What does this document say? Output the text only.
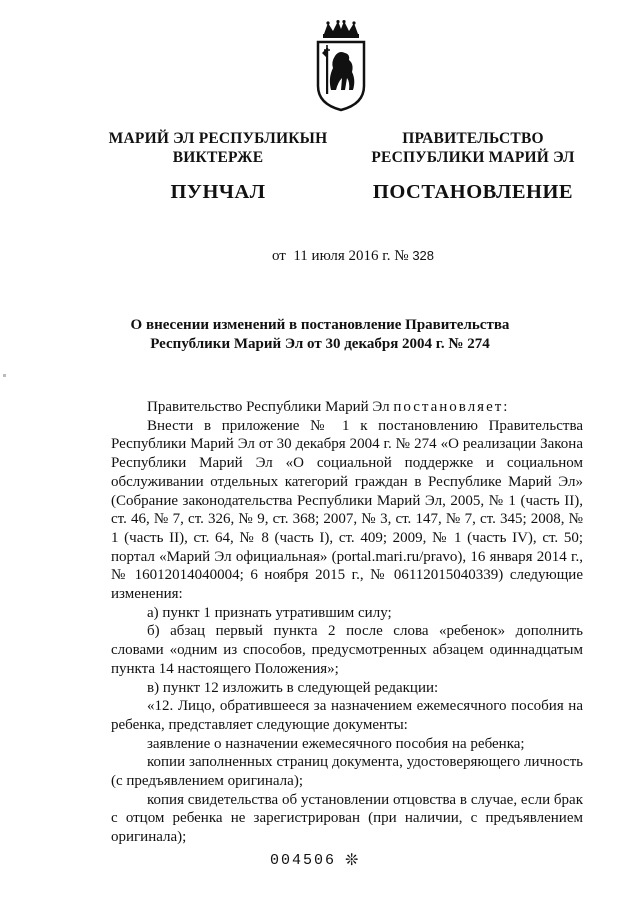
МАРИЙ ЭЛ РЕСПУБЛИКЫН
ВИКТЕРЖЕ
ПУНЧАЛ
ПРАВИТЕЛЬСТВО
РЕСПУБЛИКИ МАРИЙ ЭЛ
ПОСТАНОВЛЕНИЕ
от 11 июля 2016 г. № 328
О внесении изменений в постановление Правительства
Республики Марий Эл от 30 декабря 2004 г. № 274

Правительство Республики Марий Эл постановляет:

Внести в приложение № 1 к постановлению Правительства Республики Марий Эл от 30 декабря 2004 г. № 274 «О реализации Закона Республики Марий Эл «О социальной поддержке и социальном обслуживании отдельных категорий граждан в Республике Марий Эл» (Собрание законодательства Республики Марий Эл, 2005, № 1 (часть II), ст. 46, № 7, ст. 326, № 9, ст. 368; 2007, № 3, ст. 147, № 7, ст. 345; 2008, № 1 (часть II), ст. 64, № 8 (часть I), ст. 409; 2009, № 1 (часть IV), ст. 50; портал «Марий Эл официальная» (portal.mari.ru/pravo), 16 января 2014 г., № 16012014040004; 6 ноября 2015 г., № 06112015040339) следующие изменения:

а) пункт 1 признать утратившим силу;

б) абзац первый пункта 2 после слова «ребенок» дополнить словами «одним из способов, предусмотренных абзацем одиннадцатым пункта 14 настоящего Положения»;

в) пункт 12 изложить в следующей редакции:

«12. Лицо, обратившееся за назначением ежемесячного пособия на ребенка, представляет следующие документы:

заявление о назначении ежемесячного пособия на ребенка;

копии заполненных страниц документа, удостоверяющего личность (с предъявлением оригинала);

копия свидетельства об установлении отцовства в случае, если брак с отцом ребенка не зарегистрирован (при наличии, с предъявлением оригинала);

004506 ❊
